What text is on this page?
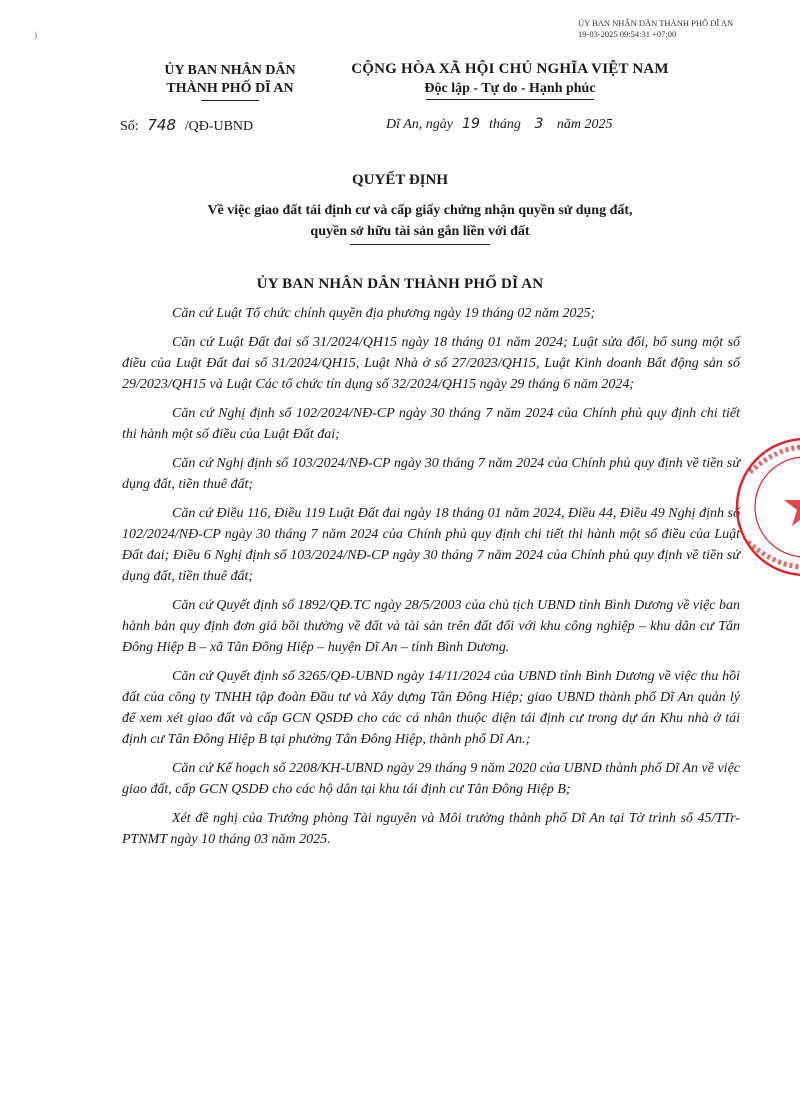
ỦY BAN NHÂN DÂN THÀNH PHỐ DĨ AN
19-03-2025 09:54:31 +07:00
)
ỦY BAN NHÂN DÂN
THÀNH PHỐ DĨ AN
CỘNG HÒA XÃ HỘI CHỦ NGHĨA VIỆT NAM
Độc lập - Tự do - Hạnh phúc
Số: 748 /QĐ-UBND	Dĩ An, ngày 19 tháng 3 năm 2025
QUYẾT ĐỊNH
Về việc giao đất tái định cư và cấp giấy chứng nhận quyền sử dụng đất,
quyền sở hữu tài sản gắn liền với đất
ỦY BAN NHÂN DÂN THÀNH PHỐ DĨ AN

Căn cứ Luật Tổ chức chính quyền địa phương ngày 19 tháng 02 năm 2025;

Căn cứ Luật Đất đai số 31/2024/QH15 ngày 18 tháng 01 năm 2024; Luật sửa đổi, bổ sung một số điều của Luật Đất đai số 31/2024/QH15, Luật Nhà ở số 27/2023/QH15, Luật Kinh doanh Bất động sản số 29/2023/QH15 và Luật Các tổ chức tín dụng số 32/2024/QH15 ngày 29 tháng 6 năm 2024;

Căn cứ Nghị định số 102/2024/NĐ-CP ngày 30 tháng 7 năm 2024 của Chính phủ quy định chi tiết thi hành một số điều của Luật Đất đai;

Căn cứ Nghị định số 103/2024/NĐ-CP ngày 30 tháng 7 năm 2024 của Chính phủ quy định về tiền sử dụng đất, tiền thuê đất;

Căn cứ Điều 116, Điều 119 Luật Đất đai ngày 18 tháng 01 năm 2024, Điều 44, Điều 49 Nghị định số 102/2024/NĐ-CP ngày 30 tháng 7 năm 2024 của Chính phủ quy định chi tiết thi hành một số điều của Luật Đất đai; Điều 6 Nghị định số 103/2024/NĐ-CP ngày 30 tháng 7 năm 2024 của Chính phủ quy định về tiền sử dụng đất, tiền thuê đất;

Căn cứ Quyết định số 1892/QĐ.TC ngày 28/5/2003 của chủ tịch UBND tỉnh Bình Dương về việc ban hành bản quy định đơn giá bồi thường về đất và tài sản trên đất đối với khu công nghiệp – khu dân cư Tân Đông Hiệp B – xã Tân Đông Hiệp – huyện Dĩ An – tỉnh Bình Dương.

Căn cứ Quyết định số 3265/QĐ-UBND ngày 14/11/2024 của UBND tỉnh Bình Dương về việc thu hồi đất của công ty TNHH tập đoàn Đầu tư và Xây dựng Tân Đông Hiệp; giao UBND thành phố Dĩ An quản lý để xem xét giao đất và cấp GCN QSDĐ cho các cá nhân thuộc diện tái định cư trong dự án Khu nhà ở tái định cư Tân Đông Hiệp B tại phường Tân Đông Hiệp, thành phố Dĩ An.;

Căn cứ Kế hoạch số 2208/KH-UBND ngày 29 tháng 9 năm 2020 của UBND thành phố Dĩ An về việc giao đất, cấp GCN QSDĐ cho các hộ dân tại khu tái định cư Tân Đông Hiệp B;

Xét đề nghị của Trưởng phòng Tài nguyên và Môi trường thành phố Dĩ An tại Tờ trình số 45/TTr-PTNMT ngày 10 tháng 03 năm 2025.
